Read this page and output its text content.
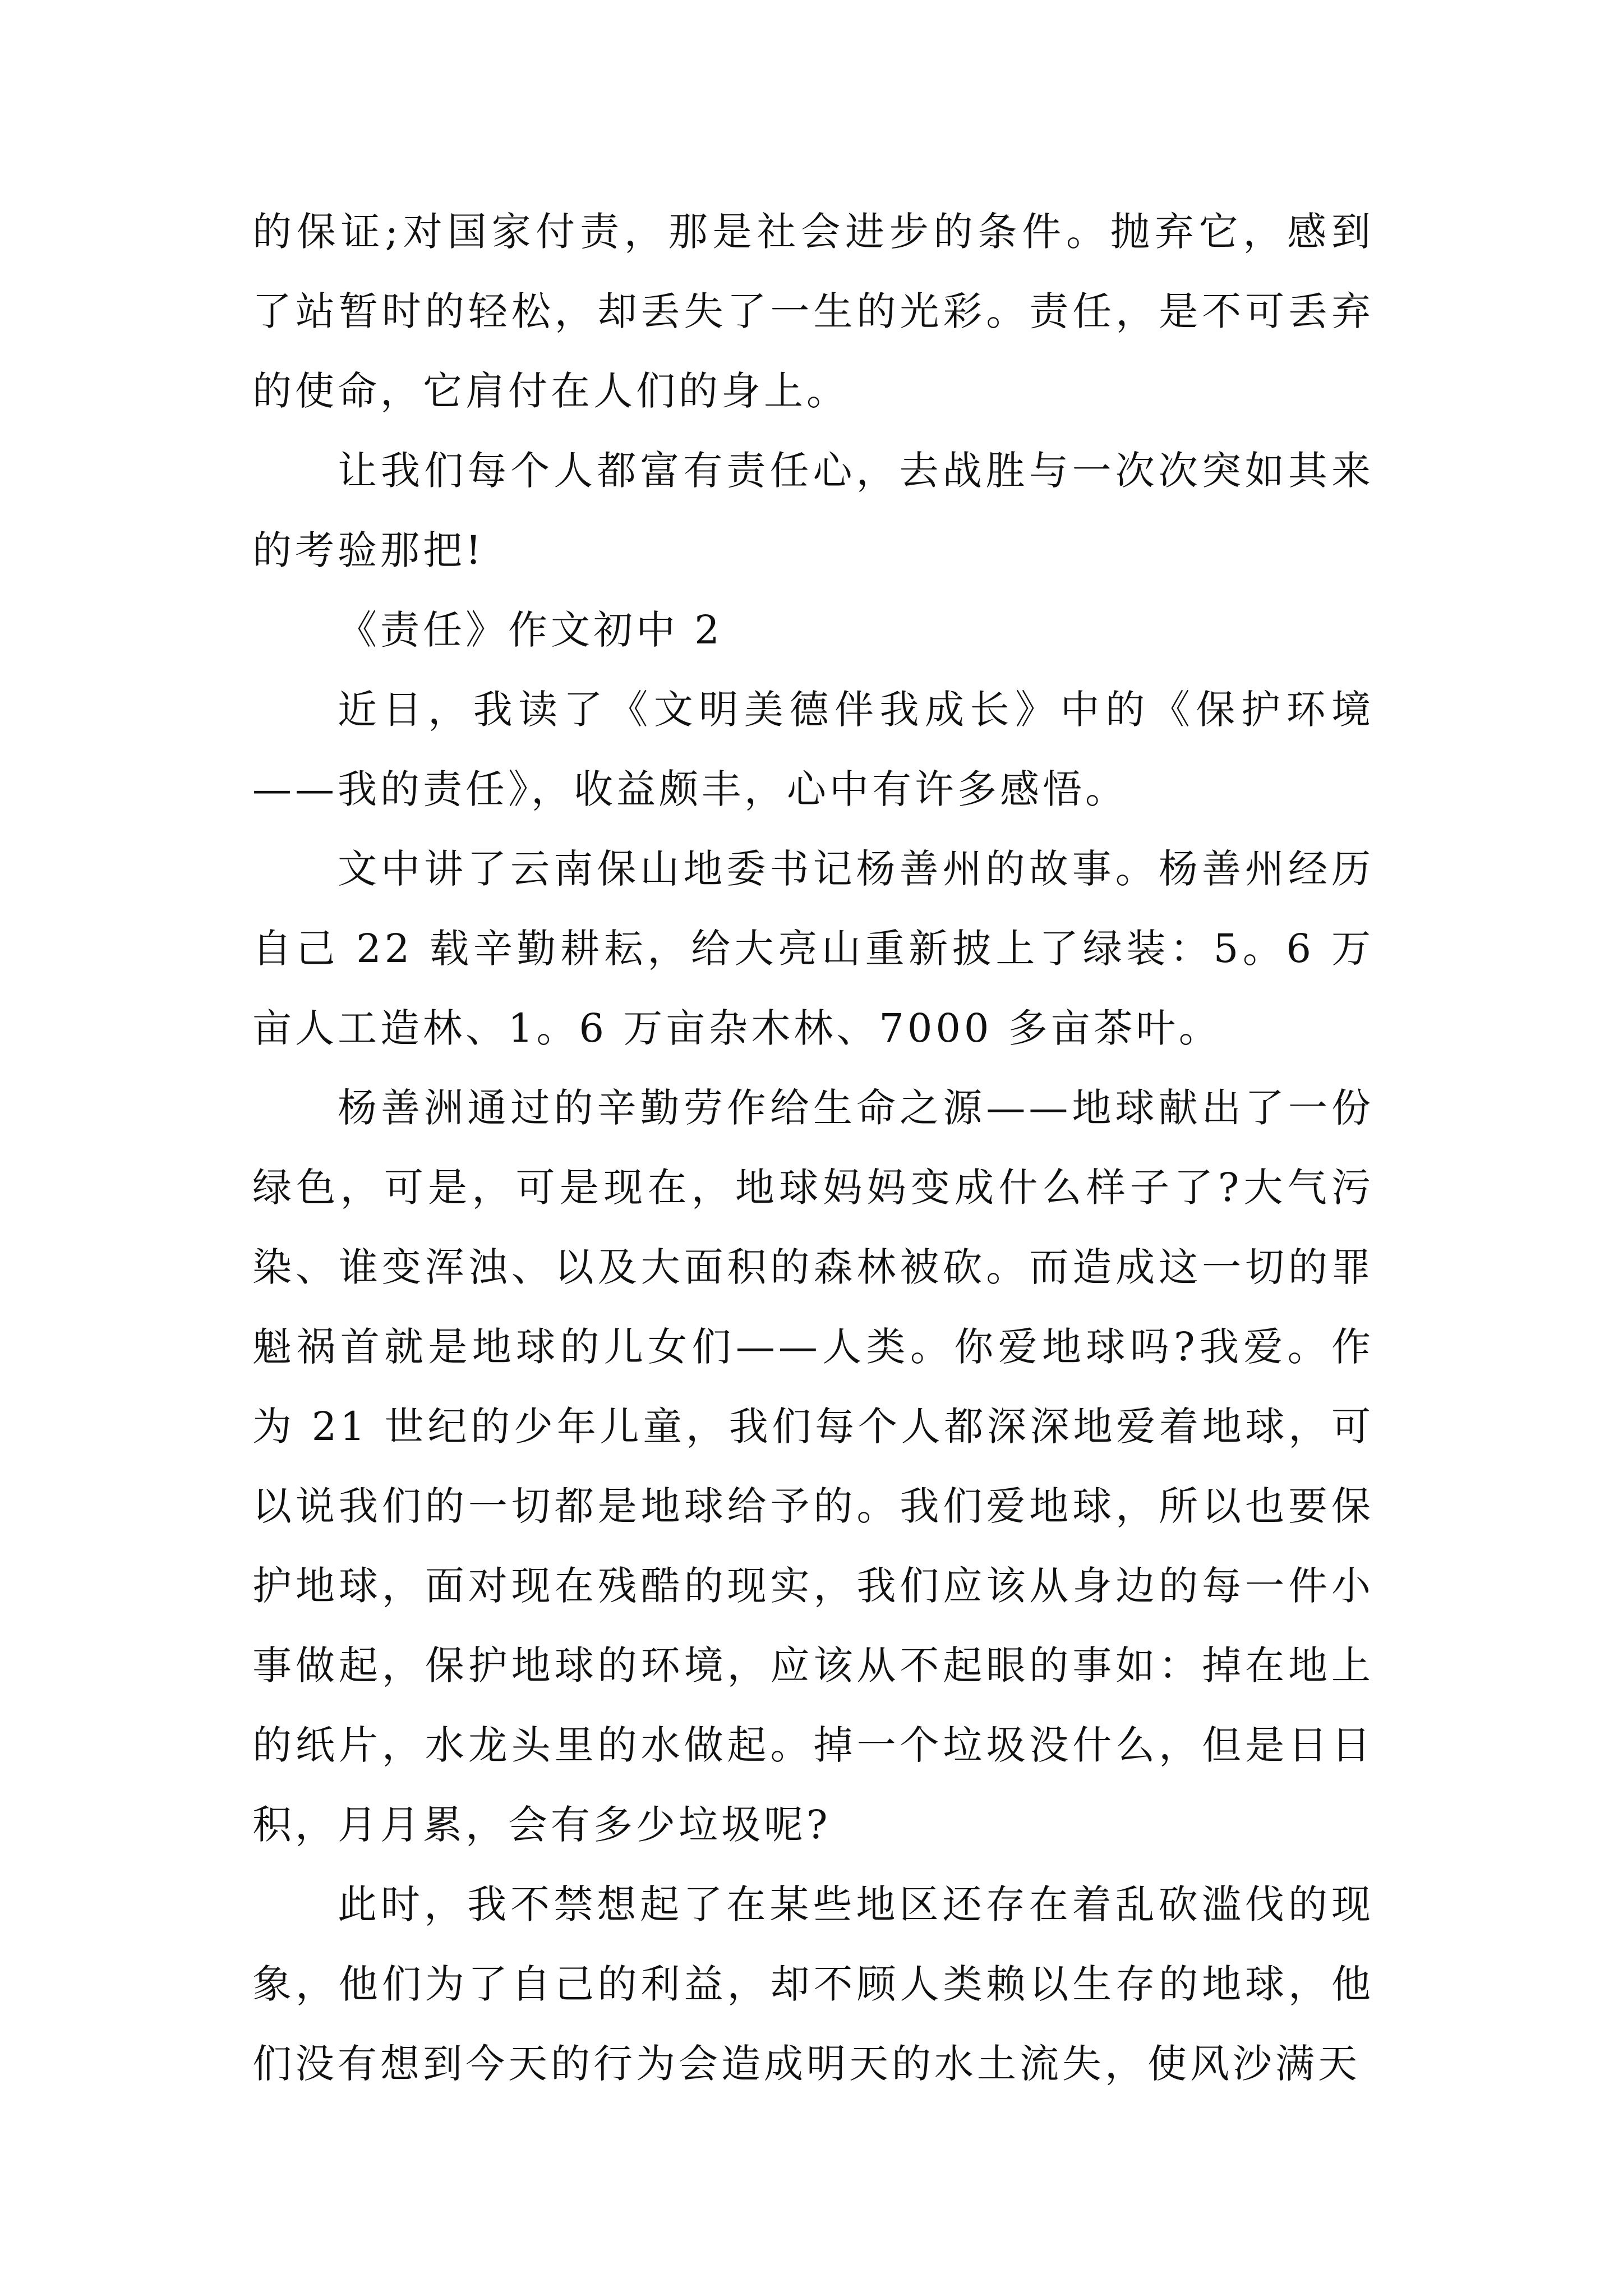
的保证;对国家付责，那是社会进步的条件。抛弃它，感到了站暂时的轻松，却丢失了一生的光彩。责任，是不可丢弃的使命，它肩付在人们的身上。

让我们每个人都富有责任心，去战胜与一次次突如其来的考验那把!

《责任》作文初中 2

近日，我读了《文明美德伴我成长》中的《保护环境——我的责任》，收益颇丰，心中有许多感悟。

文中讲了云南保山地委书记杨善州的故事。杨善州经历自己 22 载辛勤耕耘，给大亮山重新披上了绿装：5。6 万亩人工造林、1。6 万亩杂木林、7000 多亩茶叶。

杨善洲通过的辛勤劳作给生命之源——地球献出了一份绿色，可是，可是现在，地球妈妈变成什么样子了?大气污染、谁变浑浊、以及大面积的森林被砍。而造成这一切的罪魁祸首就是地球的儿女们——人类。你爱地球吗?我爱。作为 21 世纪的少年儿童，我们每个人都深深地爱着地球，可以说我们的一切都是地球给予的。我们爱地球，所以也要保护地球，面对现在残酷的现实，我们应该从身边的每一件小事做起，保护地球的环境，应该从不起眼的事如：掉在地上的纸片，水龙头里的水做起。掉一个垃圾没什么，但是日日积，月月累，会有多少垃圾呢?

此时，我不禁想起了在某些地区还存在着乱砍滥伐的现象，他们为了自己的利益，却不顾人类赖以生存的地球，他们没有想到今天的行为会造成明天的水土流失，使风沙满天
